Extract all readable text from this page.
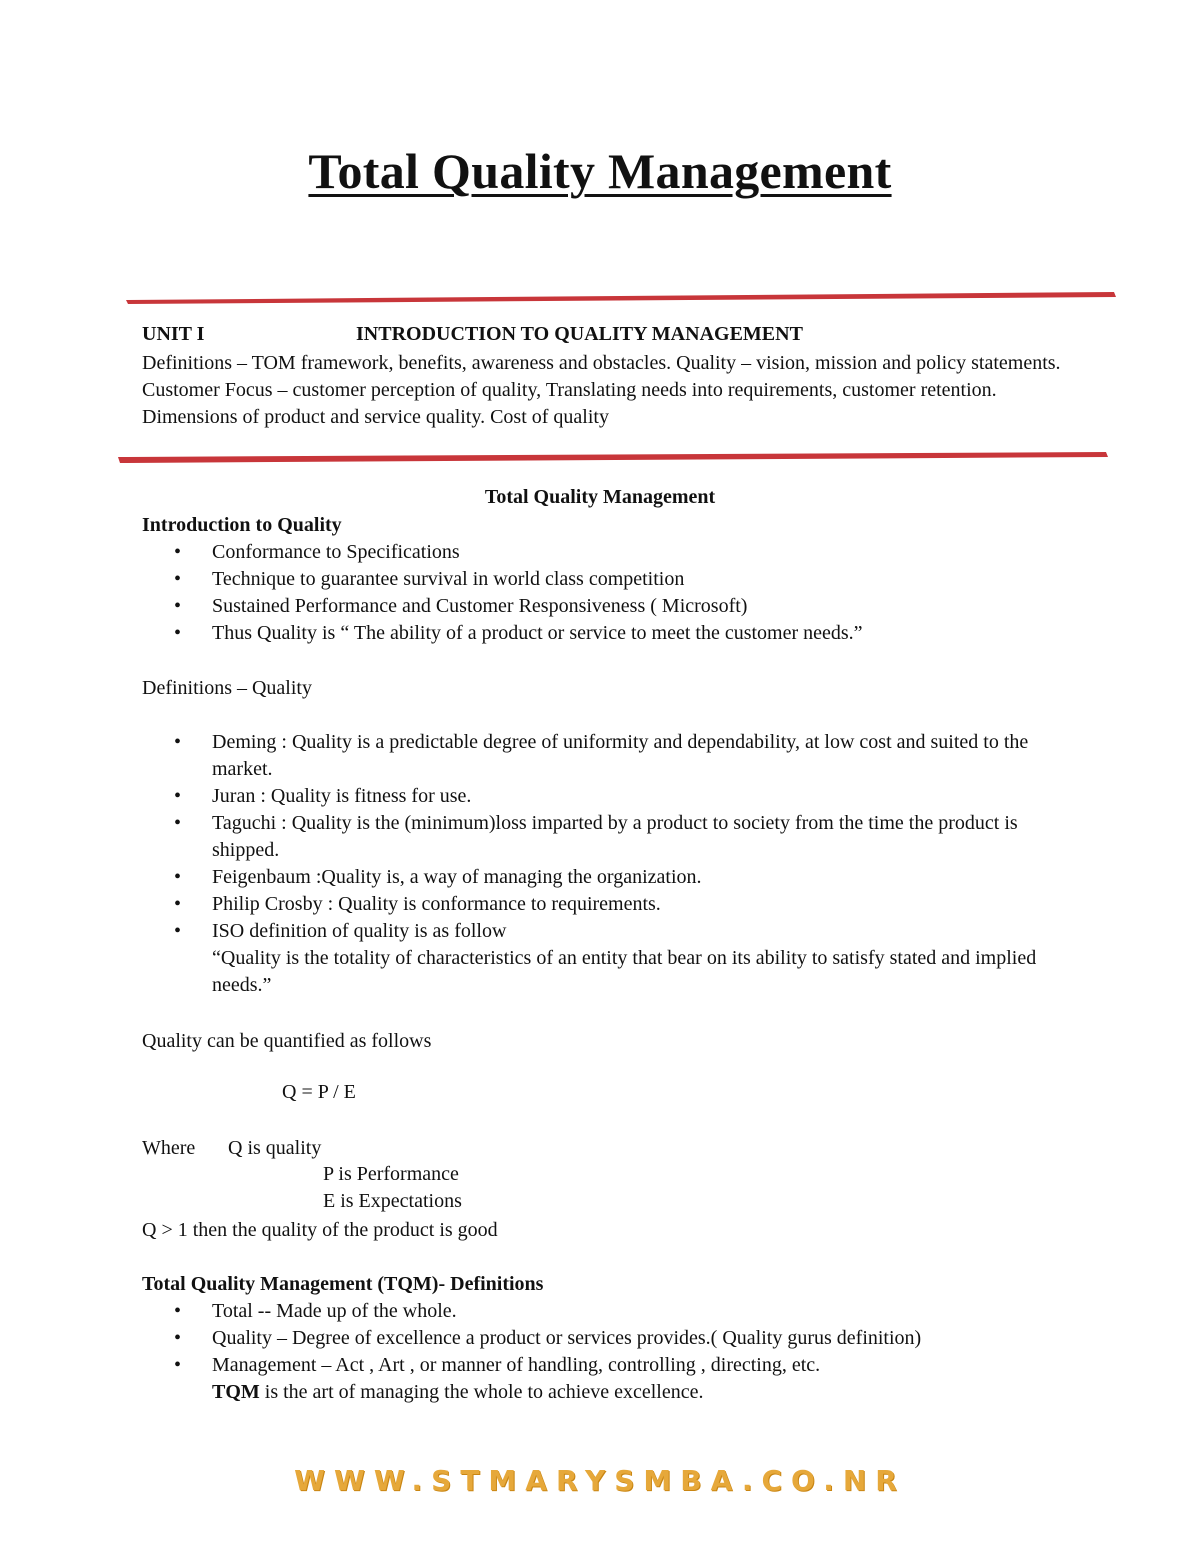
Total Quality Management
UNIT I	INTRODUCTION TO QUALITY MANAGEMENT

Definitions – TOM framework, benefits, awareness and obstacles. Quality – vision, mission and policy statements. Customer Focus – customer perception of quality, Translating needs into requirements, customer retention. Dimensions of product and service quality. Cost of quality

Total Quality Management
Introduction to Quality
• Conformance to Specifications
• Technique to guarantee survival in world class competition
• Sustained Performance and Customer Responsiveness ( Microsoft)
• Thus Quality is “ The ability of a product or service to meet the customer needs.”
Definitions – Quality
• Deming : Quality is a predictable degree of uniformity and dependability, at low cost and suited to the market.
• Juran : Quality is fitness for use.
• Taguchi : Quality is the (minimum)loss imparted by a product to society from the time the product is shipped.
• Feigenbaum :Quality is, a way of managing the organization.
• Philip Crosby : Quality is conformance to requirements.
• ISO definition of quality is as follow
“Quality is the totality of characteristics of an entity that bear on its ability to satisfy stated and implied needs.”
Quality can be quantified as follows
Q = P / E
Where Q is quality
P is Performance
E is Expectations
Q > 1 then the quality of the product is good
Total Quality Management (TQM)- Definitions
• Total -- Made up of the whole.
• Quality – Degree of excellence a product or services provides.( Quality gurus definition)
• Management – Act , Art , or manner of handling, controlling , directing, etc.
TQM is the art of managing the whole to achieve excellence.
WWW.STMARYSMBA.CO.NR
